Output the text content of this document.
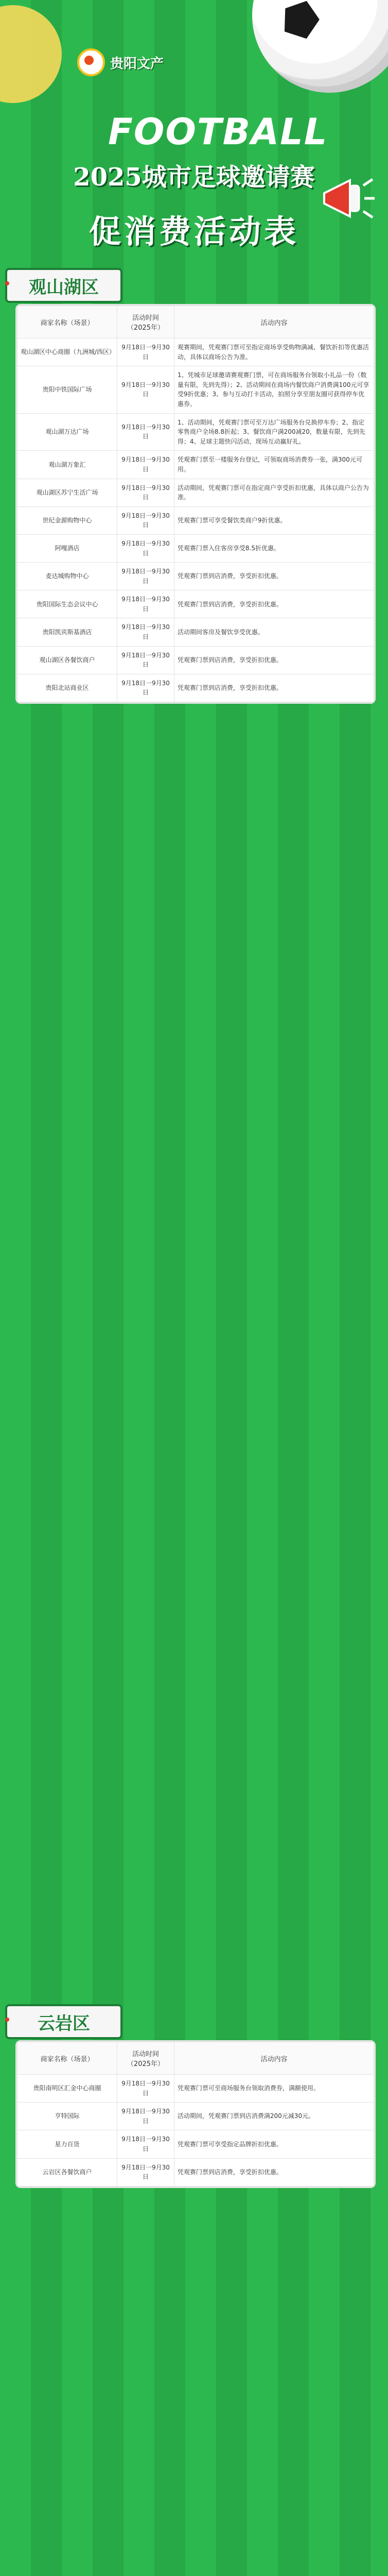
贵阳文产
FOOTBALL
2025城市足球邀请赛
促消费活动表
观山湖区
商家名称（场景）	活动时间（2025年）	活动内容
观山湖区中心商圈（九洲城/西区）	9月18日一9月30日	观赛期间，凭观赛门票可至指定商场享受购物满减、餐饮折扣等优惠活动，具体以商场公告为准。
贵阳中铁国际广场	9月18日一9月30日	1、凭城市足球邀请赛观赛门票，可在商场服务台领取小礼品一份（数量有限，先到先得）；2、活动期间在商场内餐饮商户消费满100元可享受9折优惠；3、参与互动打卡活动，拍照分享至朋友圈可获得停车优惠券。
观山湖万达广场	9月18日一9月30日	1、活动期间，凭观赛门票可至万达广场服务台兑换停车券；2、指定零售商户全场8.8折起；3、餐饮商户满200减20，数量有限，先到先得；4、足球主题快闪活动，现场互动赢好礼。
观山湖万象汇	9月18日一9月30日	凭观赛门票至一楼服务台登记，可领取商场消费券一张，满300元可用。
观山湖区苏宁生活广场	9月18日一9月30日	活动期间，凭观赛门票可在指定商户享受折扣优惠，具体以商户公告为准。
世纪金源购物中心	9月18日一9月30日	凭观赛门票可享受餐饮类商户9折优惠。
阿嘎酒店	9月18日一9月30日	凭观赛门票入住客房享受8.5折优惠。
麦达城购物中心	9月18日一9月30日	凭观赛门票到店消费，享受折扣优惠。
贵阳国际生态会议中心	9月18日一9月30日	凭观赛门票到店消费，享受折扣优惠。
贵阳凯宾斯基酒店	9月18日一9月30日	活动期间客房及餐饮享受优惠。
观山湖区各餐饮商户	9月18日一9月30日	凭观赛门票到店消费，享受折扣优惠。
贵阳北站商业区	9月18日一9月30日	凭观赛门票到店消费，享受折扣优惠。
云岩区
商家名称（场景）	活动时间（2025年）	活动内容
贵阳南明区汇金中心商圈	9月18日一9月30日	凭观赛门票可至商场服务台领取消费券，满额使用。
亨特国际	9月18日一9月30日	活动期间，凭观赛门票到店消费满200元减30元。
星力百货	9月18日一9月30日	凭观赛门票可享受指定品牌折扣优惠。
云岩区各餐饮商户	9月18日一9月30日	凭观赛门票到店消费，享受折扣优惠。
